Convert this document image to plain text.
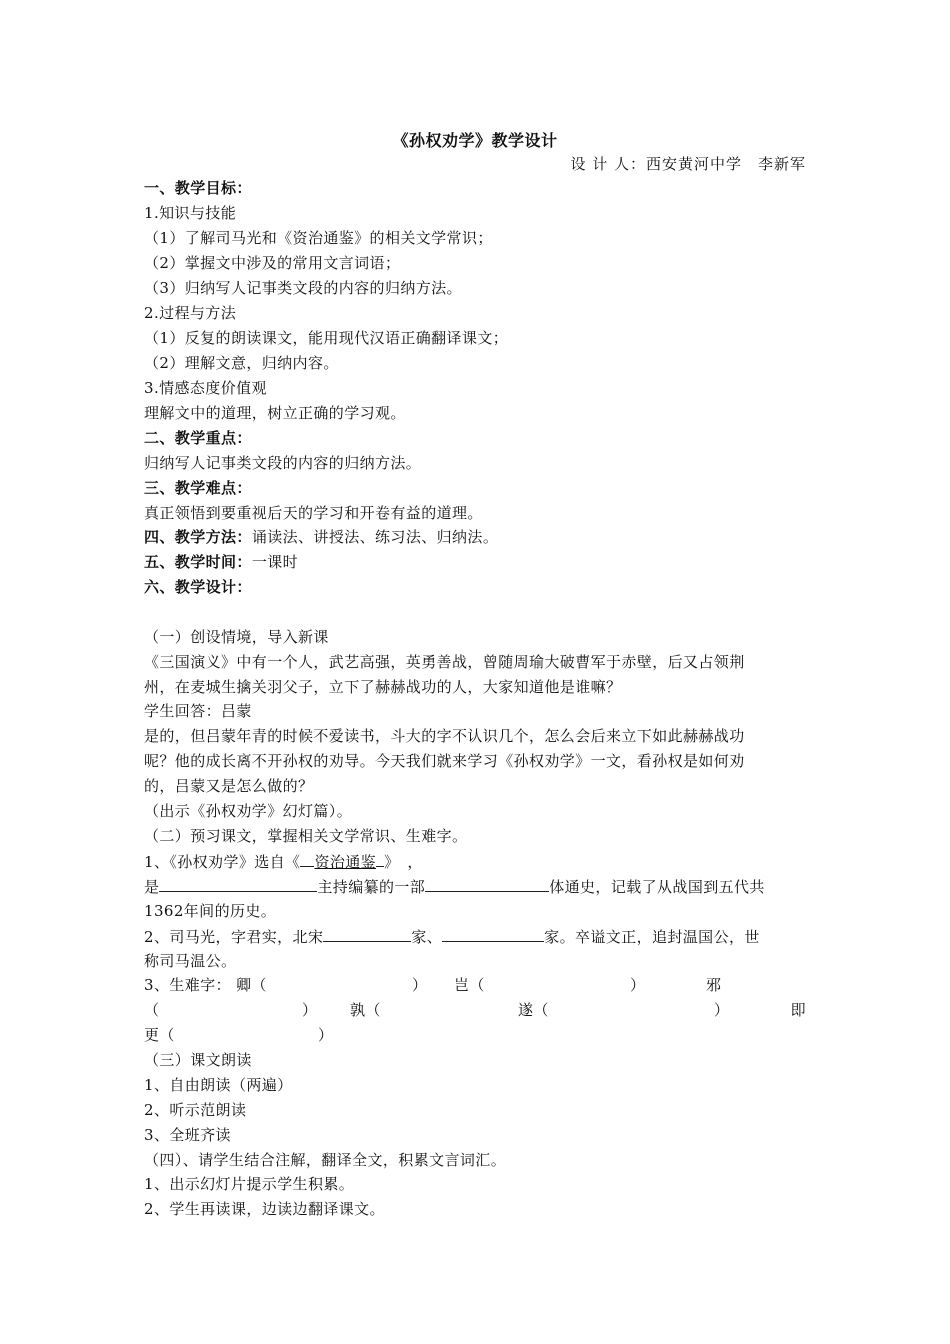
《孙权劝学》教学设计
设 计 人：西安黄河中学　李新军
一、教学目标：
1.知识与技能
（1）了解司马光和《资治通鉴》的相关文学常识；
（2）掌握文中涉及的常用文言词语；
（3）归纳写人记事类文段的内容的归纳方法。
2.过程与方法
（1）反复的朗读课文，能用现代汉语正确翻译课文；
（2）理解文意，归纳内容。
3.情感态度价值观
理解文中的道理，树立正确的学习观。
二、教学重点：
归纳写人记事类文段的内容的归纳方法。
三、教学难点：
真正领悟到要重视后天的学习和开卷有益的道理。
四、教学方法：诵读法、讲授法、练习法、归纳法。
五、教学时间：一课时
六、教学设计：
（一）创设情境，导入新课
《三国演义》中有一个人，武艺高强，英勇善战，曾随周瑜大破曹军于赤壁，后又占领荆
州，在麦城生擒关羽父子，立下了赫赫战功的人，大家知道他是谁嘛？
学生回答：吕蒙
是的，但吕蒙年青的时候不爱读书，斗大的字不认识几个，怎么会后来立下如此赫赫战功
呢？他的成长离不开孙权的劝导。今天我们就来学习《孙权劝学》一文，看孙权是如何劝
的，吕蒙又是怎么做的？
（出示《孙权劝学》幻灯篇）。
（二）预习课文，掌握相关文学常识、生难字。
1、《孙权劝学》选自《 资治通鉴 》　，
是	主持编纂的一部	体通史，记载了从战国到五代共
1362年间的历史。
2、司马光，字君实，北宋	家、	家。卒谥文正，追封温国公，世
称司马温公。
3、生难字： 卿（	） 岂（	）	邪
（	） 孰（	遂（	）	即
更（	）
（三）课文朗读
1、自由朗读（两遍）
2、听示范朗读
3、全班齐读
（四）、请学生结合注解，翻译全文，积累文言词汇。
1、出示幻灯片提示学生积累。
2、学生再读课，边读边翻译课文。
